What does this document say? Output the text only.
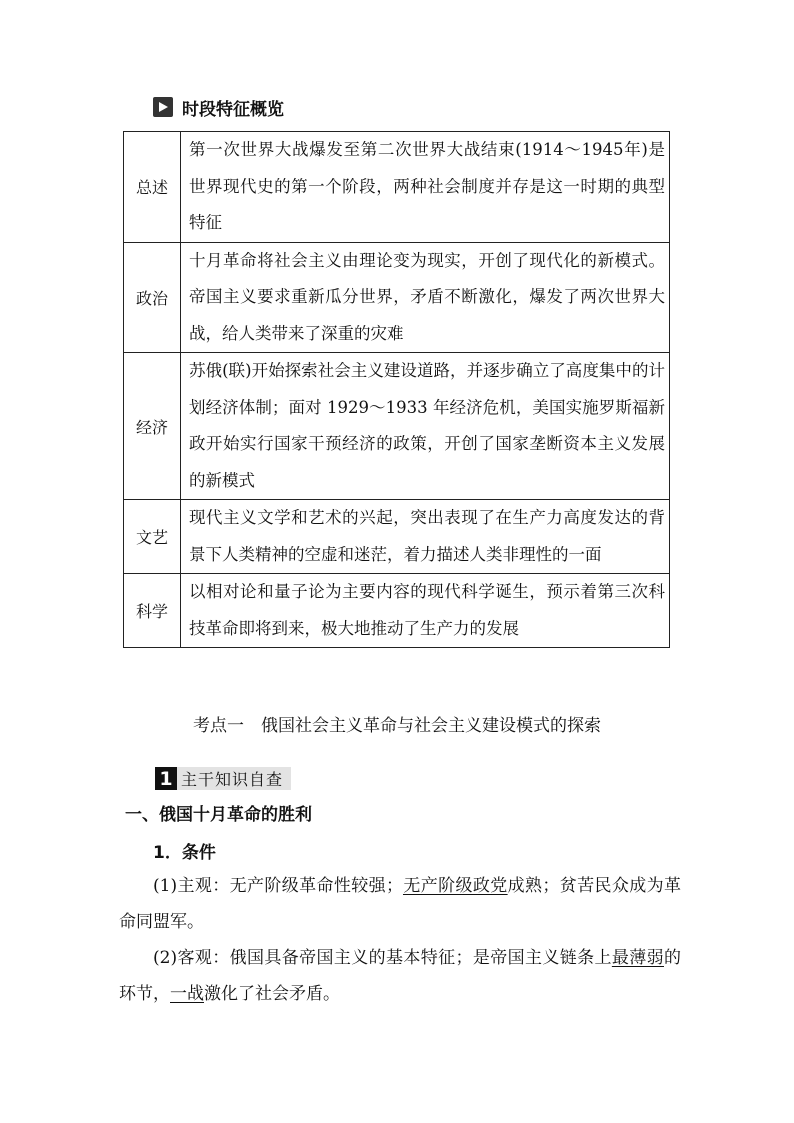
时段特征概览
总述	第一次世界大战爆发至第二次世界大战结束(1914～1945年)是世界现代史的第一个阶段，两种社会制度并存是这一时期的典型特征
政治	十月革命将社会主义由理论变为现实，开创了现代化的新模式。帝国主义要求重新瓜分世界，矛盾不断激化，爆发了两次世界大战，给人类带来了深重的灾难
经济	苏俄(联)开始探索社会主义建设道路，并逐步确立了高度集中的计划经济体制；面对 1929～1933 年经济危机，美国实施罗斯福新政开始实行国家干预经济的政策，开创了国家垄断资本主义发展的新模式
文艺	现代主义文学和艺术的兴起，突出表现了在生产力高度发达的背景下人类精神的空虚和迷茫，着力描述人类非理性的一面
科学	以相对论和量子论为主要内容的现代科学诞生，预示着第三次科技革命即将到来，极大地推动了生产力的发展
考点一　俄国社会主义革命与社会主义建设模式的探索
1 主干知识自查
一、俄国十月革命的胜利
1．条件
(1)主观：无产阶级革命性较强；无产阶级政党成熟；贫苦民众成为革命同盟军。
(2)客观：俄国具备帝国主义的基本特征；是帝国主义链条上最薄弱的环节，一战激化了社会矛盾。
